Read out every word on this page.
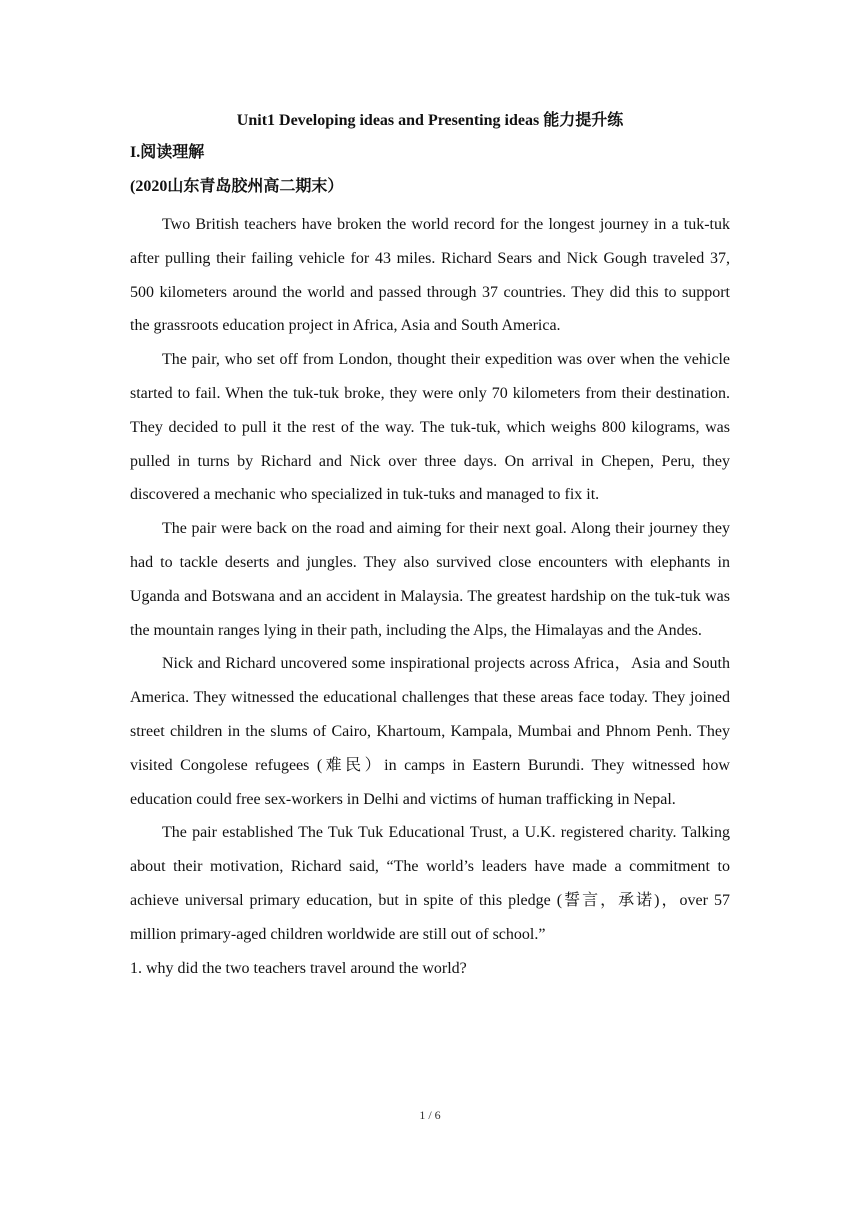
Unit1 Developing ideas and Presenting ideas 能力提升练

I.阅读理解

(2020山东青岛胶州高二期末）

Two British teachers have broken the world record for the longest journey in a tuk-tuk after pulling their failing vehicle for 43 miles. Richard Sears and Nick Gough traveled 37, 500 kilometers around the world and passed through 37 countries. They did this to support the grassroots education project in Africa, Asia and South America.

The pair, who set off from London, thought their expedition was over when the vehicle started to fail. When the tuk-tuk broke, they were only 70 kilometers from their destination. They decided to pull it the rest of the way. The tuk-tuk, which weighs 800 kilograms, was pulled in turns by Richard and Nick over three days. On arrival in Chepen, Peru, they discovered a mechanic who specialized in tuk-tuks and managed to fix it.

The pair were back on the road and aiming for their next goal. Along their journey they had to tackle deserts and jungles. They also survived close encounters with elephants in Uganda and Botswana and an accident in Malaysia. The greatest hardship on the tuk-tuk was the mountain ranges lying in their path, including the Alps, the Himalayas and the Andes.

Nick and Richard uncovered some inspirational projects across Africa，Asia and South America. They witnessed the educational challenges that these areas face today. They joined street children in the slums of Cairo, Khartoum, Kampala, Mumbai and Phnom Penh. They visited Congolese refugees (难民）in camps in Eastern Burundi. They witnessed how education could free sex-workers in Delhi and victims of human trafficking in Nepal.

The pair established The Tuk Tuk Educational Trust, a U.K. registered charity. Talking about their motivation, Richard said, “The world’s leaders have made a commitment to achieve universal primary education, but in spite of this pledge (誓言，承诺)，over 57 million primary-aged children worldwide are still out of school.”

1. why did the two teachers travel around the world?

1 / 6
